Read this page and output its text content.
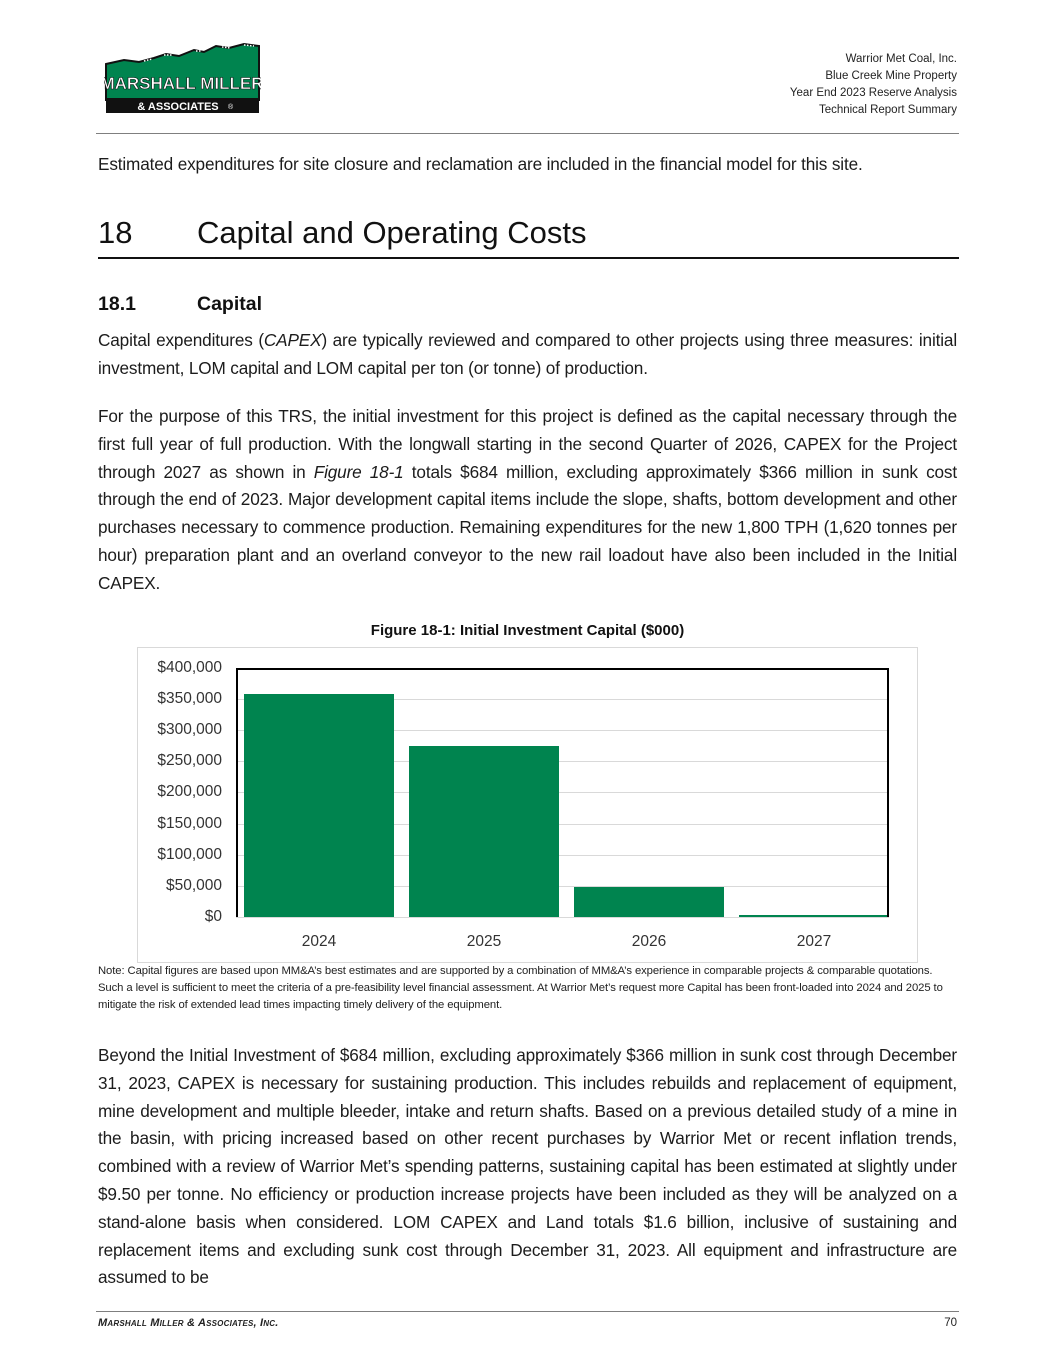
MARSHALL MILLER
& ASSOCIATES ®
Warrior Met Coal, Inc.
Blue Creek Mine Property
Year End 2023 Reserve Analysis
Technical Report Summary

Estimated expenditures for site closure and reclamation are included in the financial model for this site.

18 Capital and Operating Costs
18.1	Capital

Capital expenditures (CAPEX) are typically reviewed and compared to other projects using three measures: initial investment, LOM capital and LOM capital per ton (or tonne) of production.

For the purpose of this TRS, the initial investment for this project is defined as the capital necessary through the first full year of full production. With the longwall starting in the second Quarter of 2026, CAPEX for the Project through 2027 as shown in Figure 18-1 totals $684 million, excluding approximately $366 million in sunk cost through the end of 2023. Major development capital items include the slope, shafts, bottom development and other purchases necessary to commence production. Remaining expenditures for the new 1,800 TPH (1,620 tonnes per hour) preparation plant and an overland conveyor to the new rail loadout have also been included in the Initial CAPEX.

Figure 18-1: Initial Investment Capital ($000)
$400,000
$350,000
$300,000
$250,000
$200,000
$150,000
$100,000
$50,000
$0
2024	2025	2026	2027
Note: Capital figures are based upon MM&A’s best estimates and are supported by a combination of MM&A’s experience in comparable projects & comparable quotations. Such a level is sufficient to meet the criteria of a pre-feasibility level financial assessment. At Warrior Met’s request more Capital has been front-loaded into 2024 and 2025 to mitigate the risk of extended lead times impacting timely delivery of the equipment.

Beyond the Initial Investment of $684 million, excluding approximately $366 million in sunk cost through December 31, 2023, CAPEX is necessary for sustaining production. This includes rebuilds and replacement of equipment, mine development and multiple bleeder, intake and return shafts. Based on a previous detailed study of a mine in the basin, with pricing increased based on other recent purchases by Warrior Met or recent inflation trends, combined with a review of Warrior Met’s spending patterns, sustaining capital has been estimated at slightly under $9.50 per tonne. No efficiency or production increase projects have been included as they will be analyzed on a stand-alone basis when considered. LOM CAPEX and Land totals $1.6 billion, inclusive of sustaining and replacement items and excluding sunk cost through December 31, 2023. All equipment and infrastructure are assumed to be

Marshall Miller & Associates, Inc.	70
